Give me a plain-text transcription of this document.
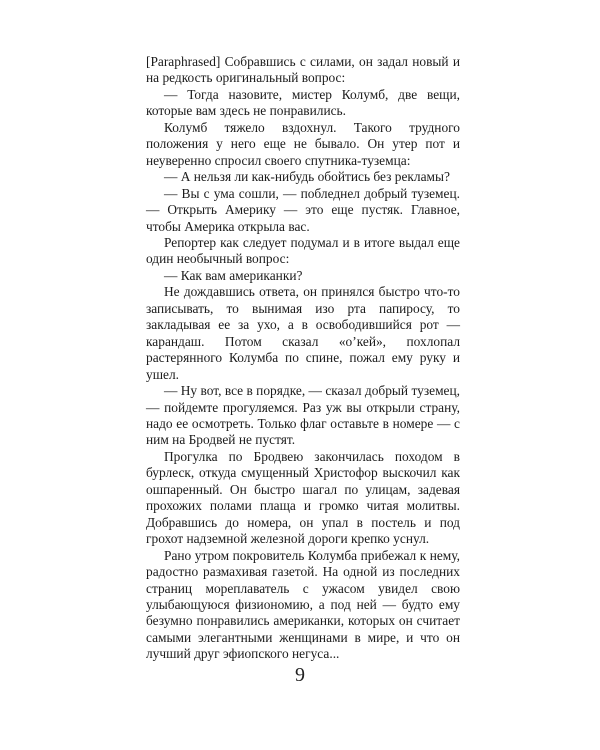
[Paraphrased] Собравшись с силами, он задал новый и на редкость оригинальный вопрос:

— Тогда назовите, мистер Колумб, две вещи, которые вам здесь не понравились.

Колумб тяжело вздохнул. Такого трудного положения у него еще не бывало. Он утер пот и неуверенно спросил своего спутника-туземца:

— А нельзя ли как-нибудь обойтись без рекламы?

— Вы с ума сошли, — побледнел добрый туземец. — Открыть Америку — это еще пустяк. Главное, чтобы Америка открыла вас.

Репортер как следует подумал и в итоге выдал еще один необычный вопрос:

— Как вам американки?

Не дождавшись ответа, он принялся быстро что-то записывать, то вынимая изо рта папиросу, то закладывая ее за ухо, а в освободившийся рот — карандаш. Потом сказал «о’кей», похлопал растерянного Колумба по спине, пожал ему руку и ушел.

— Ну вот, все в порядке, — сказал добрый туземец, — пойдемте прогуляемся. Раз уж вы открыли страну, надо ее осмотреть. Только флаг оставьте в номере — с ним на Бродвей не пустят.

Прогулка по Бродвею закончилась походом в бурлеск, откуда смущенный Христофор выскочил как ошпаренный. Он быстро шагал по улицам, задевая прохожих полами плаща и громко читая молитвы. Добравшись до номера, он упал в постель и под грохот надземной железной дороги крепко уснул.

Рано утром покровитель Колумба прибежал к нему, радостно размахивая газетой. На одной из последних страниц мореплаватель с ужасом увидел свою улыбающуюся физиономию, а под ней — будто ему безумно понравились американки, которых он считает самыми элегантными женщинами в мире, и что он лучший друг эфиопского негуса...

9
